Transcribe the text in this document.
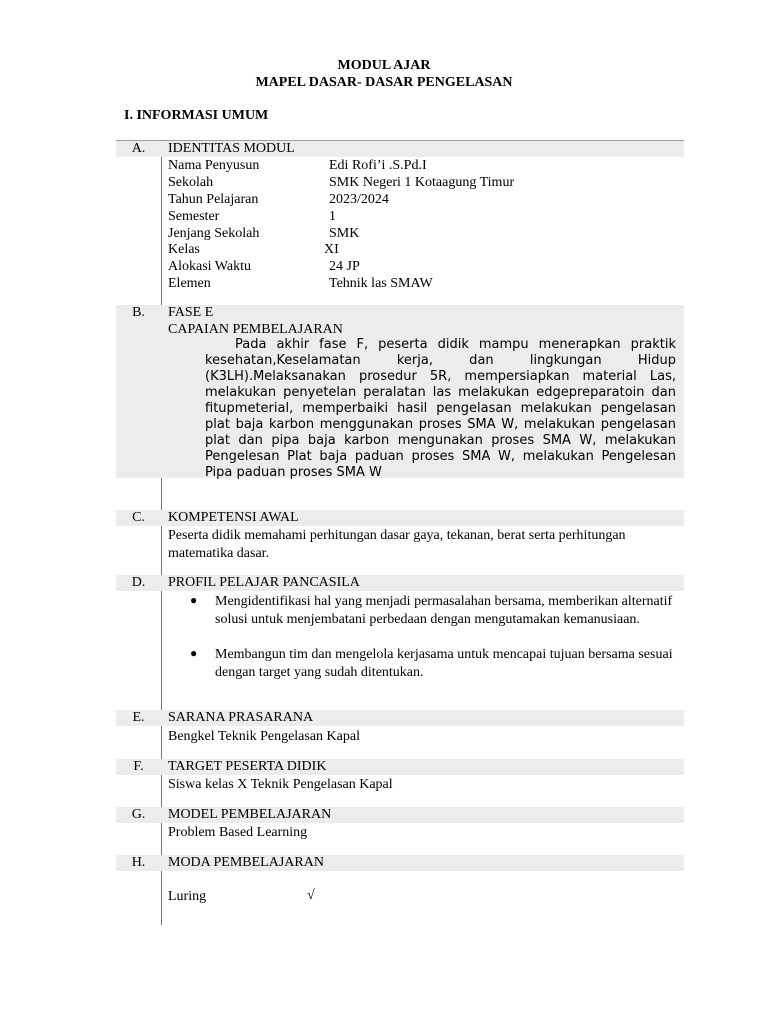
MODUL AJAR
MAPEL DASAR- DASAR PENGELASAN
I. INFORMASI UMUM
A.	IDENTITAS MODUL
Nama Penyusun	Edi Rofi’i .S.Pd.I
Sekolah	SMK Negeri 1 Kotaagung Timur
Tahun Pelajaran	2023/2024
Semester	1
Jenjang Sekolah	SMK
Kelas	XI
Alokasi Waktu	24 JP
Elemen	Tehnik las SMAW
B.	FASE E
CAPAIAN PEMBELAJARAN
Pada akhir fase F, peserta didik mampu menerapkan praktik kesehatan,Keselamatan kerja, dan lingkungan Hidup (K3LH).Melaksanakan prosedur 5R, mempersiapkan material Las, melakukan penyetelan peralatan las melakukan edgepreparatoin dan fitupmeterial, memperbaiki hasil pengelasan melakukan pengelasan plat baja karbon menggunakan proses SMA W, melakukan pengelasan plat dan pipa baja karbon mengunakan proses SMA W, melakukan Pengelesan Plat baja paduan proses SMA W, melakukan Pengelesan Pipa paduan proses SMA W
C.	KOMPETENSI AWAL
Peserta didik memahami perhitungan dasar gaya, tekanan, berat serta perhitungan matematika dasar.
D.	PROFIL PELAJAR PANCASILA
● Mengidentifikasi hal yang menjadi permasalahan bersama, memberikan alternatif solusi untuk menjembatani perbedaan dengan mengutamakan kemanusiaan.
● Membangun tim dan mengelola kerjasama untuk mencapai tujuan bersama sesuai dengan target yang sudah ditentukan.
E.	SARANA PRASARANA
Bengkel Teknik Pengelasan Kapal
F.	TARGET PESERTA DIDIK
Siswa kelas X Teknik Pengelasan Kapal
G.	MODEL PEMBELAJARAN
Problem Based Learning
H.	MODA PEMBELAJARAN
Luring	√
